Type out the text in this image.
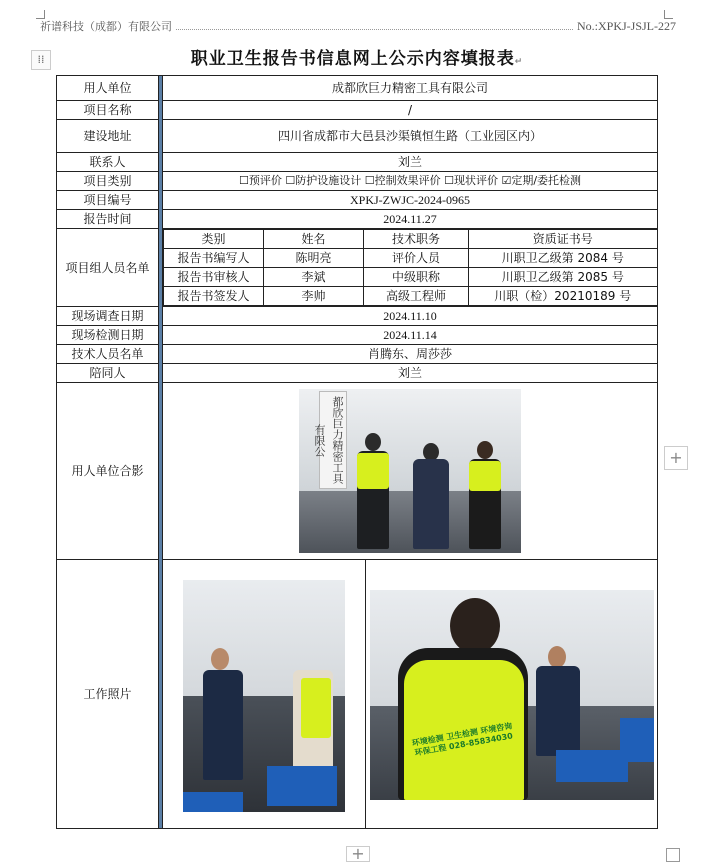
祈谱科技（成都）有限公司	No.:XPKJ-JSJL-227
⁞⁞	职业卫生报告书信息网上公示内容填报表↵
用人单位		成都欣巨力精密工具有限公司
项目名称	/
建设地址	四川省成都市大邑县沙渠镇恒生路（工业园区内）
联系人	刘兰
项目类别	☐预评价 ☐防护设施设计 ☐控制效果评价 ☐现状评价 ☑定期/委托检测
项目编号	XPKJ-ZWJC-2024-0965
报告时间	2024.11.27
项目组人员名单	
类别	姓名	技术职务	资质证书号
报告书编写人	陈明亮	评价人员	川职卫乙级第 2084 号
报告书审核人	李斌	中级职称	川职卫乙级第 2085 号
报告书签发人	李帅	高级工程师	川职（检）20210189 号

现场调查日期	2024.11.10
现场检测日期	2024.11.14
技术人员名单	肖腾东、周莎莎
陪同人	刘兰
用人单位合影	都欣巨力精密工具有限公

工作照片	
环境检测 卫生检测 环境咨询 环保工程 028-85834030
+
+
